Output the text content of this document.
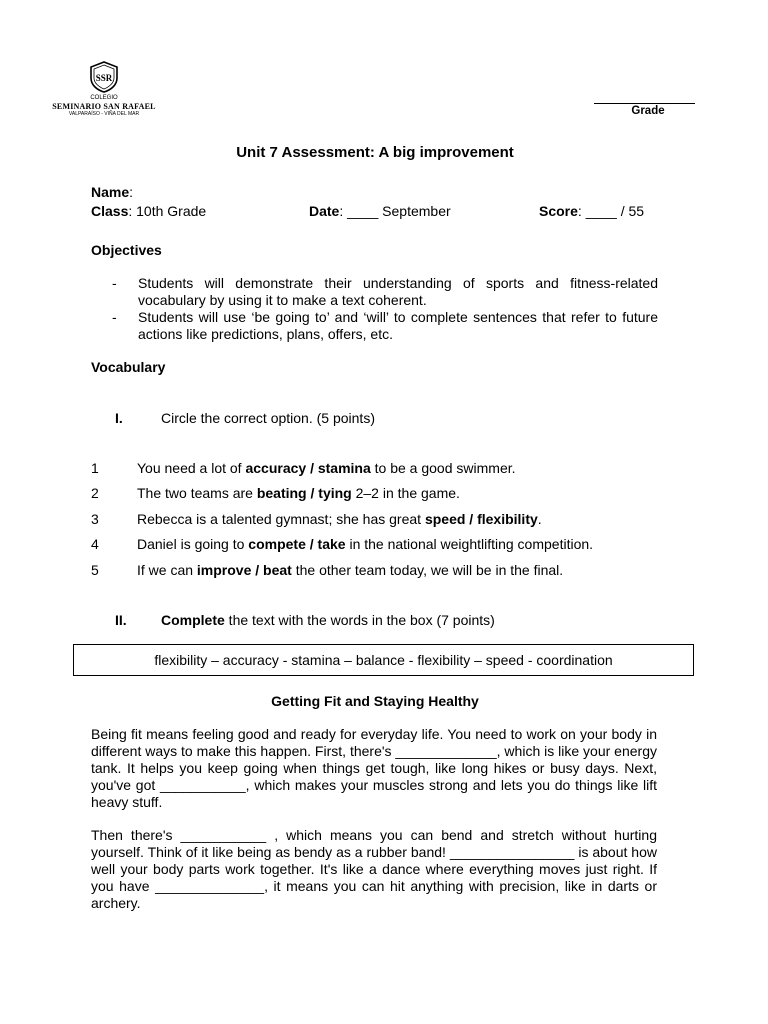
SSR
COLEGIO
SEMINARIO SAN RAFAEL
VALPARAÍSO - VIÑA DEL MAR	Grade
Unit 7 Assessment: A big improvement
Name:
Class: 10th Grade	Date: ____ September	Score: ____ / 55
Objectives
-	Students will demonstrate their understanding of sports and fitness-related vocabulary by using it to make a text coherent.
-	Students will use ‘be going to’ and ‘will’ to complete sentences that refer to future actions like predictions, plans, offers, etc.
Vocabulary
I.	Circle the correct option. (5 points)
1	You need a lot of accuracy / stamina to be a good swimmer.
2	The two teams are beating / tying 2–2 in the game.
3	Rebecca is a talented gymnast; she has great speed / flexibility.
4	Daniel is going to compete / take in the national weightlifting competition.
5	If we can improve / beat the other team today, we will be in the final.
II. Complete the text with the words in the box (7 points)
flexibility – accuracy - stamina – balance - flexibility – speed - coordination
Getting Fit and Staying Healthy
Being fit means feeling good and ready for everyday life. You need to work on your body in different ways to make this happen. First, there's _____________, which is like your energy tank. It helps you keep going when things get tough, like long hikes or busy days. Next, you've got ___________, which makes your muscles strong and lets you do things like lift heavy stuff.
Then there's ___________ , which means you can bend and stretch without hurting yourself. Think of it like being as bendy as a rubber band! ________________ is about how well your body parts work together. It's like a dance where everything moves just right. If you have ______________, it means you can hit anything with precision, like in darts or archery.
